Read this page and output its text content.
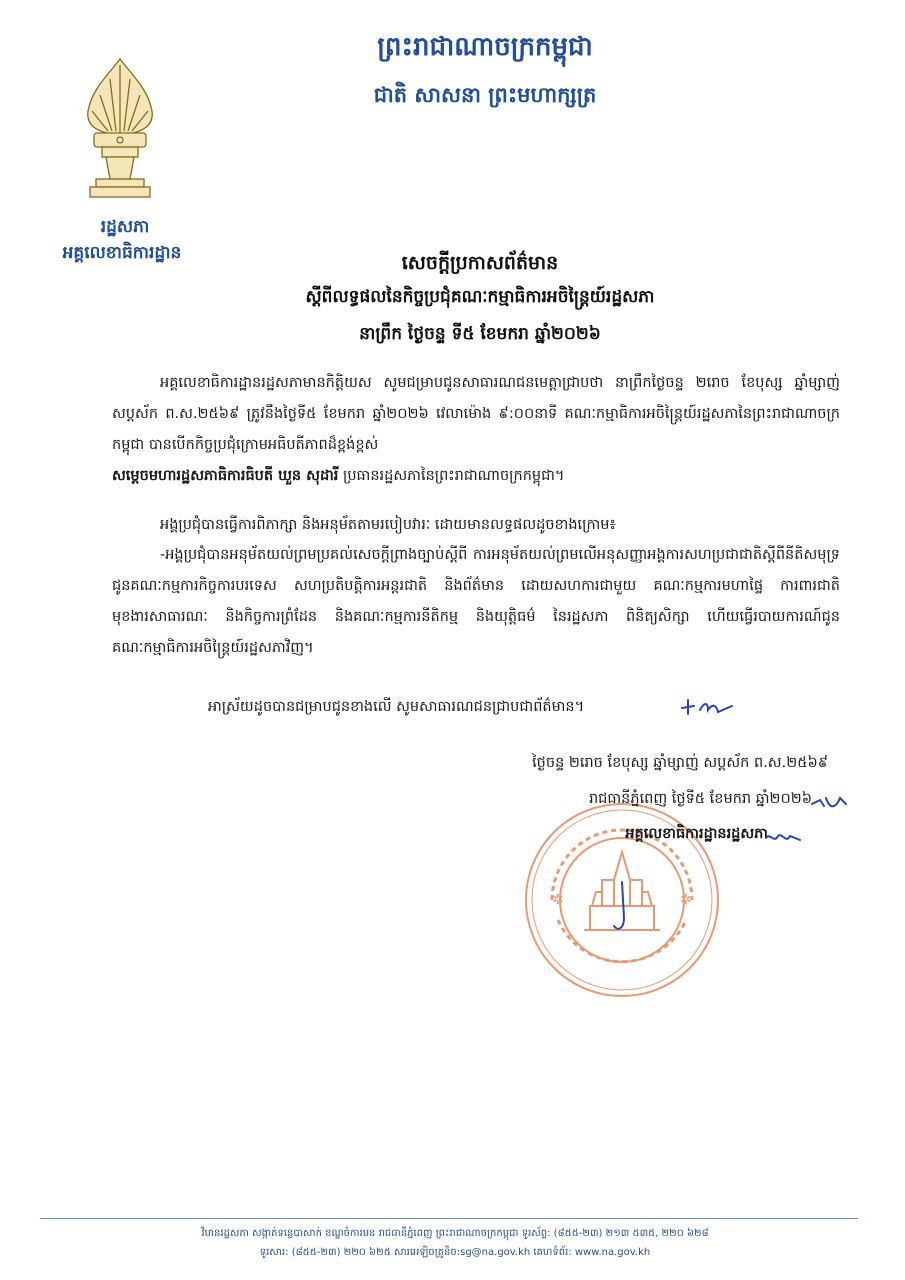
ព្រះរាជាណាចក្រកម្ពុជា
ជាតិ សាសនា ព្រះមហាក្សត្រ
រដ្ឋសភា
អគ្គលេខាធិការដ្ឋាន	សេចក្តីប្រកាសព័ត៌មាន
ស្តីពីលទ្ធផលនៃកិច្ចប្រជុំគណៈកម្មាធិការអចិន្ត្រៃយ៍រដ្ឋសភា
នាព្រឹក ថ្ងៃចន្ទ ទី៥ ខែមករា ឆ្នាំ២០២៦
អគ្គលេខាធិការដ្ឋានរដ្ឋសភាមានកិត្តិយស សូមជម្រាបជូនសាធារណជនមេត្តាជ្រាបថា នាព្រឹកថ្ងៃចន្ទ ២រោច ខែបុស្ស ឆ្នាំម្សាញ់ សប្តស័ក ព.ស.២៥៦៩ ត្រូវនឹងថ្ងៃទី៥ ខែមករា ឆ្នាំ២០២៦ វេលាម៉ោង ៩:០០នាទី គណៈកម្មាធិការអចិន្ត្រៃយ៍រដ្ឋសភានៃព្រះរាជាណាចក្រកម្ពុជា បានបើកកិច្ចប្រជុំក្រោមអធិបតីភាពដ៏ខ្ពង់ខ្ពស់
សម្តេចមហារដ្ឋសភាធិការធិបតី ឃួន សុដារី ប្រធានរដ្ឋសភានៃព្រះរាជាណាចក្រកម្ពុជា។
អង្គប្រជុំបានធ្វើការពិភាក្សា និងអនុម័តតាមរបៀបវារៈ ដោយមានលទ្ធផលដូចខាងក្រោម៖
-អង្គប្រជុំបានអនុម័តយល់ព្រមប្រគល់សេចក្តីព្រាងច្បាប់ស្តីពី ការអនុម័តយល់ព្រមលើអនុសញ្ញាអង្គការសហប្រជាជាតិស្តីពីនីតិសមុទ្រ ជូនគណៈកម្មការកិច្ចការបរទេស សហប្រតិបត្តិការអន្តរជាតិ និងព័ត៌មាន ដោយសហការជាមួយ គណៈកម្មការមហាផ្ទៃ ការពារជាតិ មុខងារសាធារណៈ និងកិច្ចការព្រំដែន និងគណៈកម្មការនីតិកម្ម និងយុត្តិធម៌ នៃរដ្ឋសភា ពិនិត្យសិក្សា ហើយធ្វើរបាយការណ៍ជូនគណៈកម្មាធិការអចិន្ត្រៃយ៍រដ្ឋសភាវិញ។
អាស្រ័យដូចបានជម្រាបជូនខាងលើ សូមសាធារណជនជ្រាបជាព័ត៌មាន។
✲	✲
ថ្ងៃចន្ទ ២រោច ខែបុស្ស ឆ្នាំម្សាញ់ សប្តស័ក ព.ស.២៥៦៩
រាជធានីភ្នំពេញ ថ្ងៃទី៥ ខែមករា ឆ្នាំ២០២៦
អគ្គលេខាធិការដ្ឋានរដ្ឋសភា
វិមានរដ្ឋសភា សង្កាត់ទន្លេបាសាក់ ខណ្ឌចំការមន រាជធានីភ្នំពេញ ព្រះរាជាណាចក្រកម្ពុជា ទូរស័ព្ទ: (៨៥៥-២៣) ២១៣ ៥៣៥, ២២០ ៦២៨
ទូរសារ: (៨៥៥-២៣) ២២០ ៦២៥ សារអេឡិចត្រូនិច:sg@na.gov.kh គេហទំព័រ: www.na.gov.kh
